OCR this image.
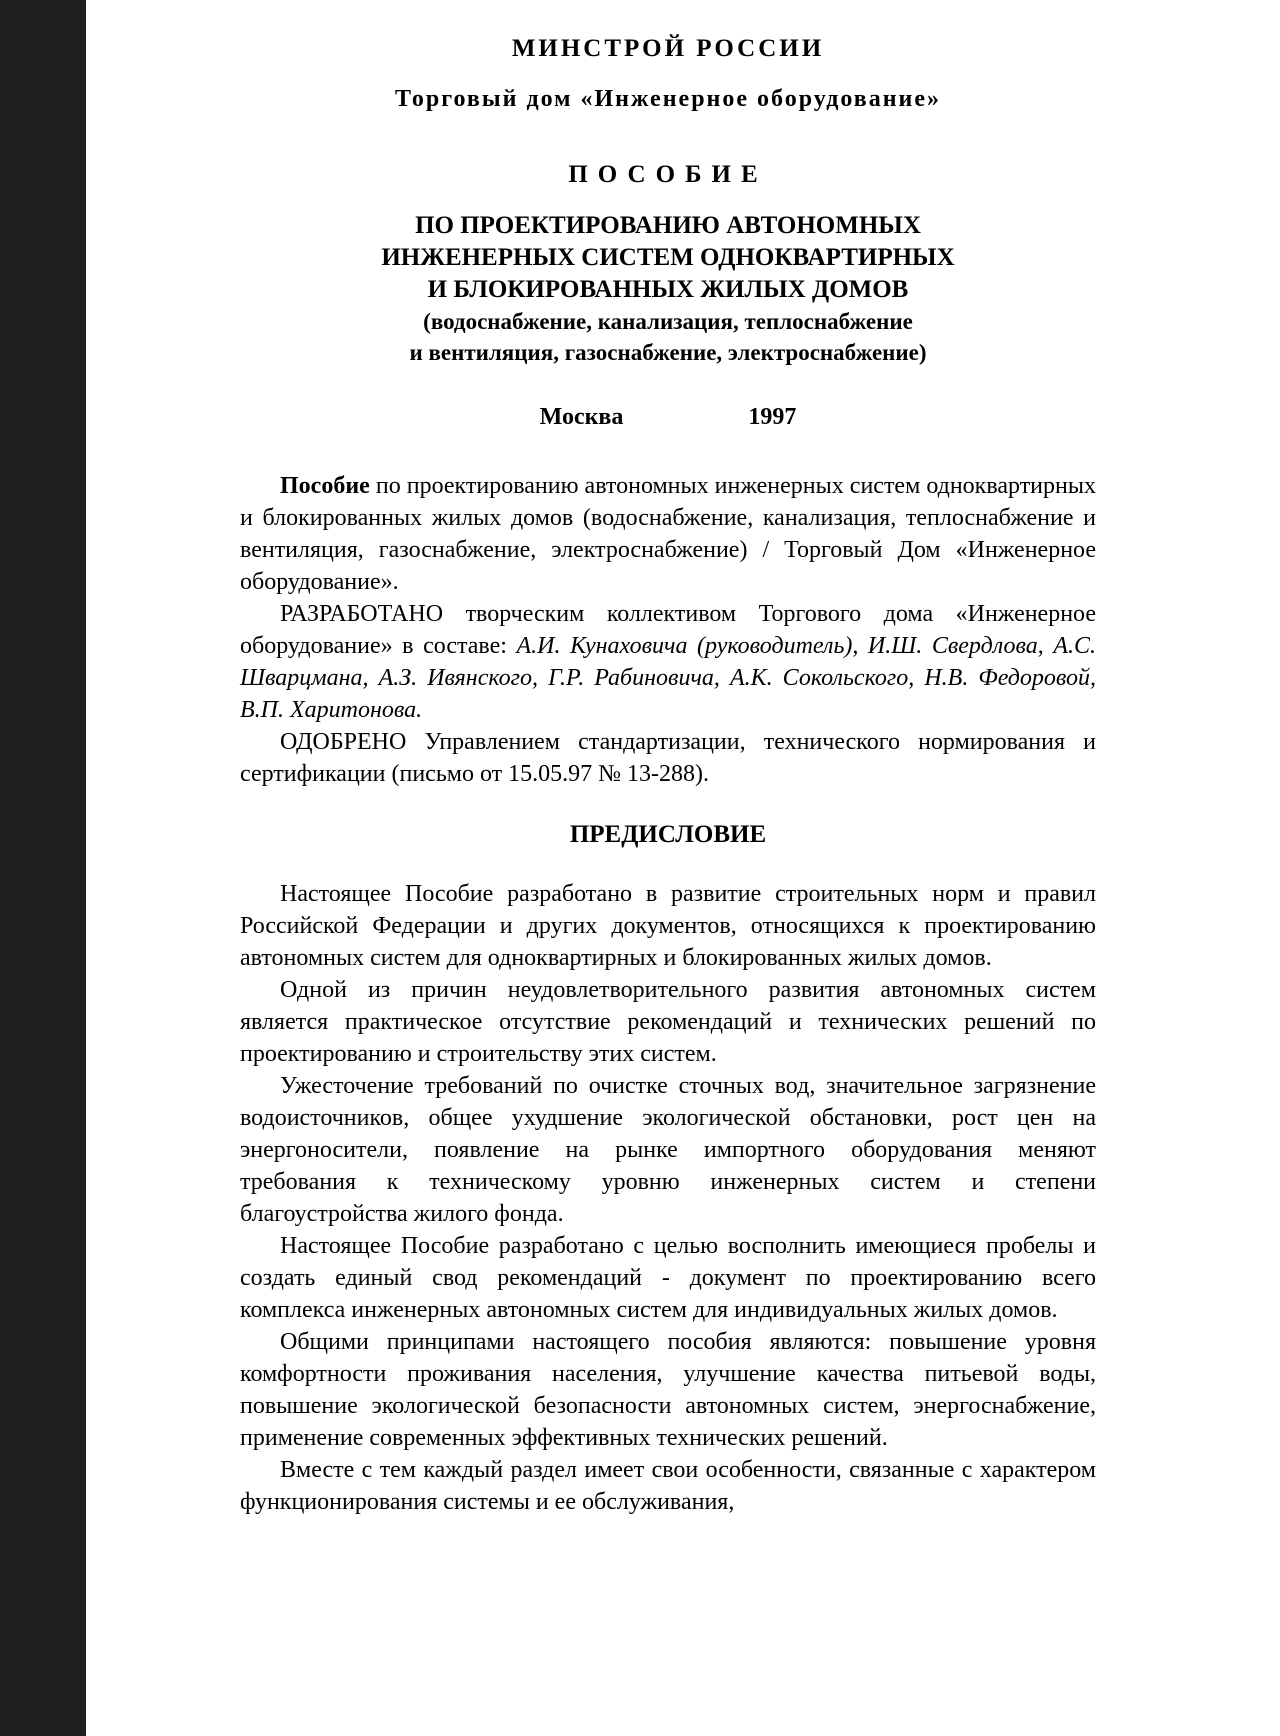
МИНСТРОЙ РОССИИ
Торговый дом «Инженерное оборудование»
ПОСОБИЕ
ПО ПРОЕКТИРОВАНИЮ АВТОНОМНЫХ
ИНЖЕНЕРНЫХ СИСТЕМ ОДНОКВАРТИРНЫХ
И БЛОКИРОВАННЫХ ЖИЛЫХ ДОМОВ
(водоснабжение, канализация, теплоснабжение
и вентиляция, газоснабжение, электроснабжение)
Москва	1997

Пособие по проектированию автономных инженерных систем одноквартирных и блокированных жилых домов (водоснабжение, канализация, теплоснабжение и вентиляция, газоснабжение, электроснабжение) / Торговый Дом «Инженерное оборудование».

РАЗРАБОТАНО творческим коллективом Торгового дома «Инженерное оборудование» в составе: А.И. Кунаховича (руководитель), И.Ш. Свердлова, А.С. Шварцмана, А.З. Ивянского, Г.Р. Рабиновича, А.К. Сокольского, Н.В. Федоровой, В.П. Харитонова.

ОДОБРЕНО Управлением стандартизации, технического нормирования и сертификации (письмо от 15.05.97 № 13-288).

ПРЕДИСЛОВИЕ

Настоящее Пособие разработано в развитие строительных норм и правил Российской Федерации и других документов, относящихся к проектированию автономных систем для одноквартирных и блокированных жилых домов.

Одной из причин неудовлетворительного развития автономных систем является практическое отсутствие рекомендаций и технических решений по проектированию и строительству этих систем.

Ужесточение требований по очистке сточных вод, значительное загрязнение водоисточников, общее ухудшение экологической обстановки, рост цен на энергоносители, появление на рынке импортного оборудования меняют требования к техническому уровню инженерных систем и степени благоустройства жилого фонда.

Настоящее Пособие разработано с целью восполнить имеющиеся пробелы и создать единый свод рекомендаций - документ по проектированию всего комплекса инженерных автономных систем для индивидуальных жилых домов.

Общими принципами настоящего пособия являются: повышение уровня комфортности проживания населения, улучшение качества питьевой воды, повышение экологической безопасности автономных систем, энергоснабжение, применение современных эффективных технических решений.

Вместе с тем каждый раздел имеет свои особенности, связанные с характером функционирования системы и ее обслуживания,
